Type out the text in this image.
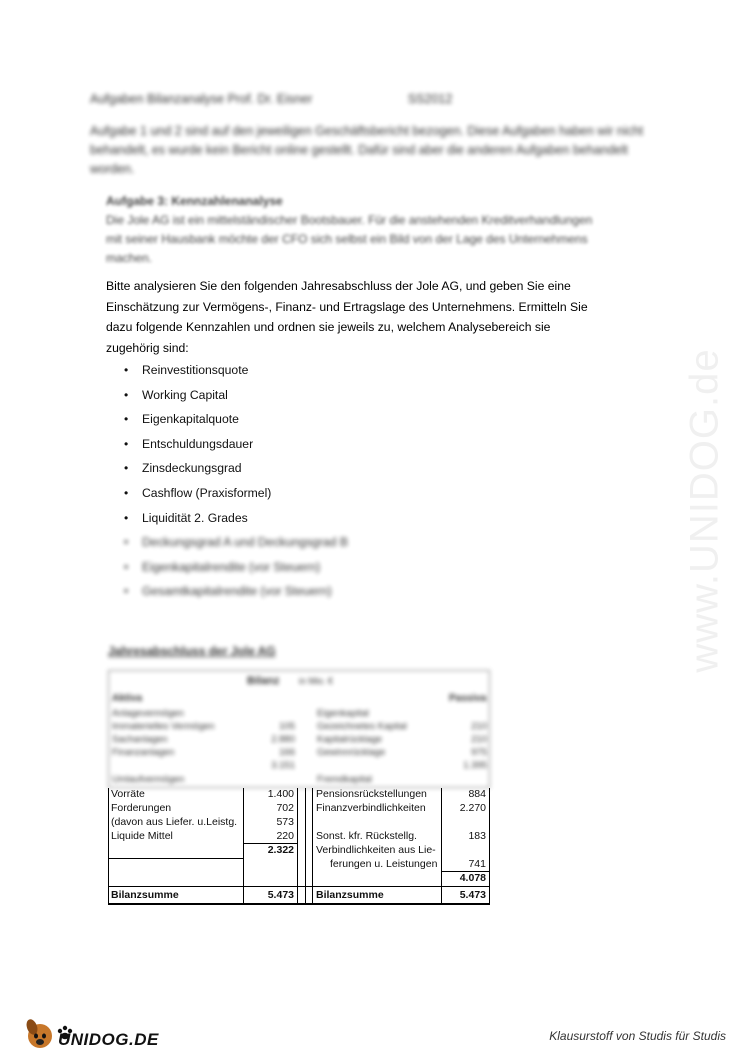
www.UNIDOG.de
Aufgaben Bilanzanalyse Prof. Dr. Eisner	SS2012
Aufgabe 1 und 2 sind auf den jeweiligen Geschäftsbericht bezogen. Diese Aufgaben haben wir nicht behandelt, es wurde kein Bericht online gestellt. Dafür sind aber die anderen Aufgaben behandelt worden.
Aufgabe 3: Kennzahlenanalyse
Die Jole AG ist ein mittelständischer Bootsbauer. Für die anstehenden Kreditverhandlungen mit seiner Hausbank möchte der CFO sich selbst ein Bild von der Lage des Unternehmens machen.
Bitte analysieren Sie den folgenden Jahresabschluss der Jole AG, und geben Sie eine Einschätzung zur Vermögens-, Finanz- und Ertragslage des Unternehmens. Ermitteln Sie dazu folgende Kennzahlen und ordnen sie jeweils zu, welchem Analysebereich sie zugehörig sind:
• Reinvestitionsquote
• Working Capital
• Eigenkapitalquote
• Entschuldungsdauer
• Zinsdeckungsgrad
• Cashflow (Praxisformel)
• Liquidität 2. Grades
• Deckungsgrad A und Deckungsgrad B
• Eigenkapitalrendite (vor Steuern)
• Gesamtkapitalrendite (vor Steuern)
Jahresabschluss der Jole AG
Bilanz in Mio. €
Aktiva	Passiva
Anlagevermögen	Eigenkapital
Immaterielles Vermögen	105 Gezeichnetes Kapital	210
Sachanlagen	2.880 Kapitalrücklage	210
Finanzanlagen	166 Gewinnrücklage	975
3.151	1.395
Umlaufvermögen	Fremdkapital
Vorräte	1.400 Pensionsrückstellungen	884
Forderungen	702 Finanzverbindlichkeiten	2.270
(davon aus Liefer. u.Leistg.	573
Liquide Mittel	220 Sonst. kfr. Rückstellg.	183
2.322 Verbindlichkeiten aus Lie-
ferungen u. Leistungen	741
4.078
Bilanzsumme	5.473 Bilanzsumme	5.473
UNIDOG.DE	Klausurstoff von Studis für Studis
